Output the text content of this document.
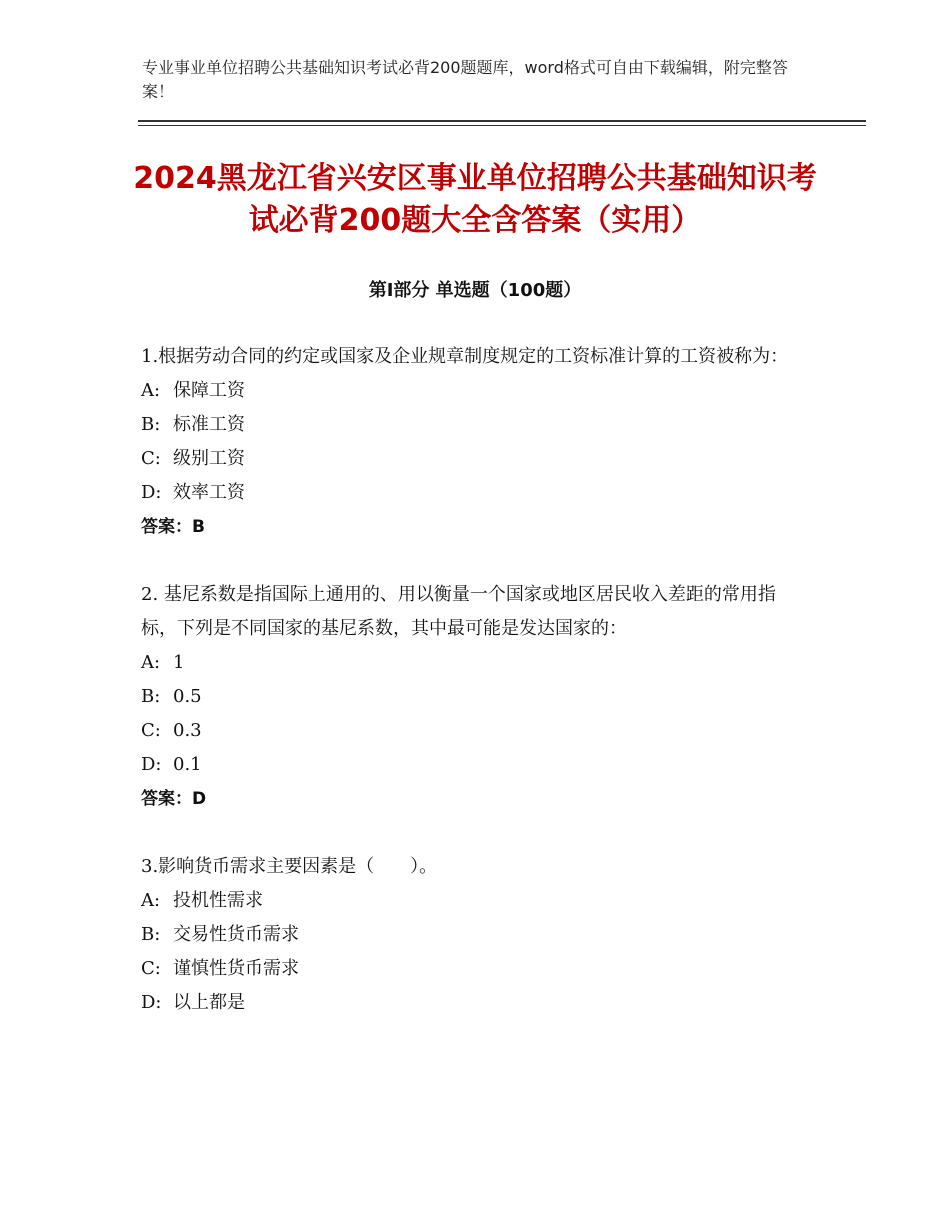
专业事业单位招聘公共基础知识考试必背200题题库，word格式可自由下载编辑，附完整答案！
2024黑龙江省兴安区事业单位招聘公共基础知识考试必背200题大全含答案（实用）
第I部分 单选题（100题）

1.根据劳动合同的约定或国家及企业规章制度规定的工资标准计算的工资被称为：

A: 保障工资

B: 标准工资

C: 级别工资

D: 效率工资

答案：B

2. 基尼系数是指国际上通用的、用以衡量一个国家或地区居民收入差距的常用指标，下列是不同国家的基尼系数，其中最可能是发达国家的：

A: 1

B: 0.5

C: 0.3

D: 0.1

答案：D

3.影响货币需求主要因素是（　　）。

A: 投机性需求

B: 交易性货币需求

C: 谨慎性货币需求

D: 以上都是
